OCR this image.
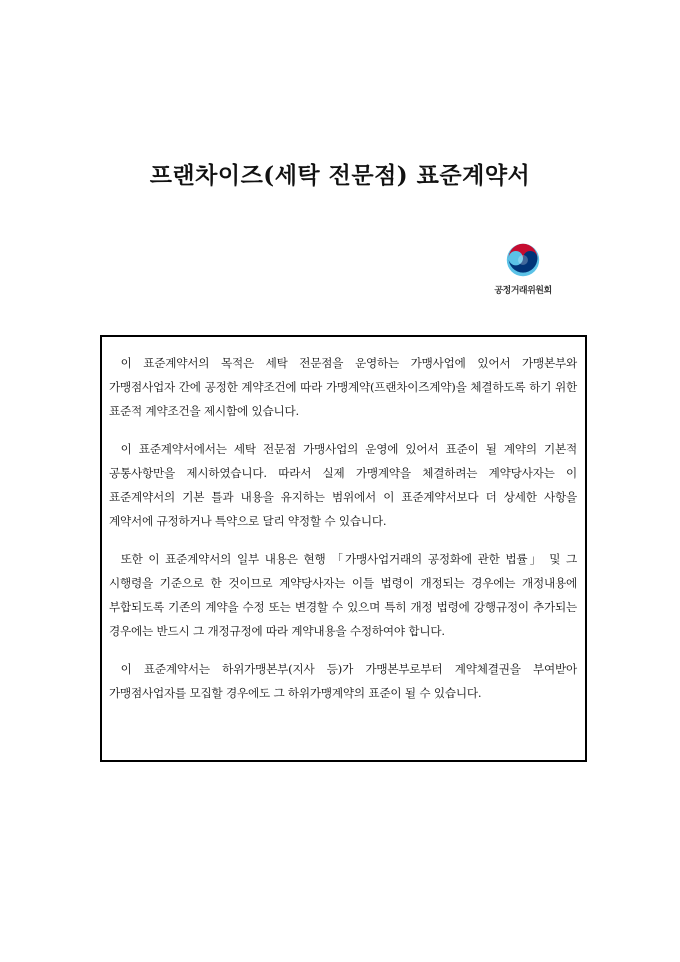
프랜차이즈(세탁 전문점) 표준계약서
공정거래위원회

이 표준계약서의 목적은 세탁 전문점을 운영하는 가맹사업에 있어서 가맹본부와 가맹점사업자 간에 공정한 계약조건에 따라 가맹계약(프랜차이즈계약)을 체결하도록 하기 위한 표준적 계약조건을 제시함에 있습니다.

이 표준계약서에서는 세탁 전문점 가맹사업의 운영에 있어서 표준이 될 계약의 기본적 공통사항만을 제시하였습니다. 따라서 실제 가맹계약을 체결하려는 계약당사자는 이 표준계약서의 기본 틀과 내용을 유지하는 범위에서 이 표준계약서보다 더 상세한 사항을 계약서에 규정하거나 특약으로 달리 약정할 수 있습니다.

또한 이 표준계약서의 일부 내용은 현행 「가맹사업거래의 공정화에 관한 법률」 및 그 시행령을 기준으로 한 것이므로 계약당사자는 이들 법령이 개정되는 경우에는 개정내용에 부합되도록 기존의 계약을 수정 또는 변경할 수 있으며 특히 개정 법령에 강행규정이 추가되는 경우에는 반드시 그 개정규정에 따라 계약내용을 수정하여야 합니다.

이 표준계약서는 하위가맹본부(지사 등)가 가맹본부로부터 계약체결권을 부여받아 가맹점사업자를 모집할 경우에도 그 하위가맹계약의 표준이 될 수 있습니다.
